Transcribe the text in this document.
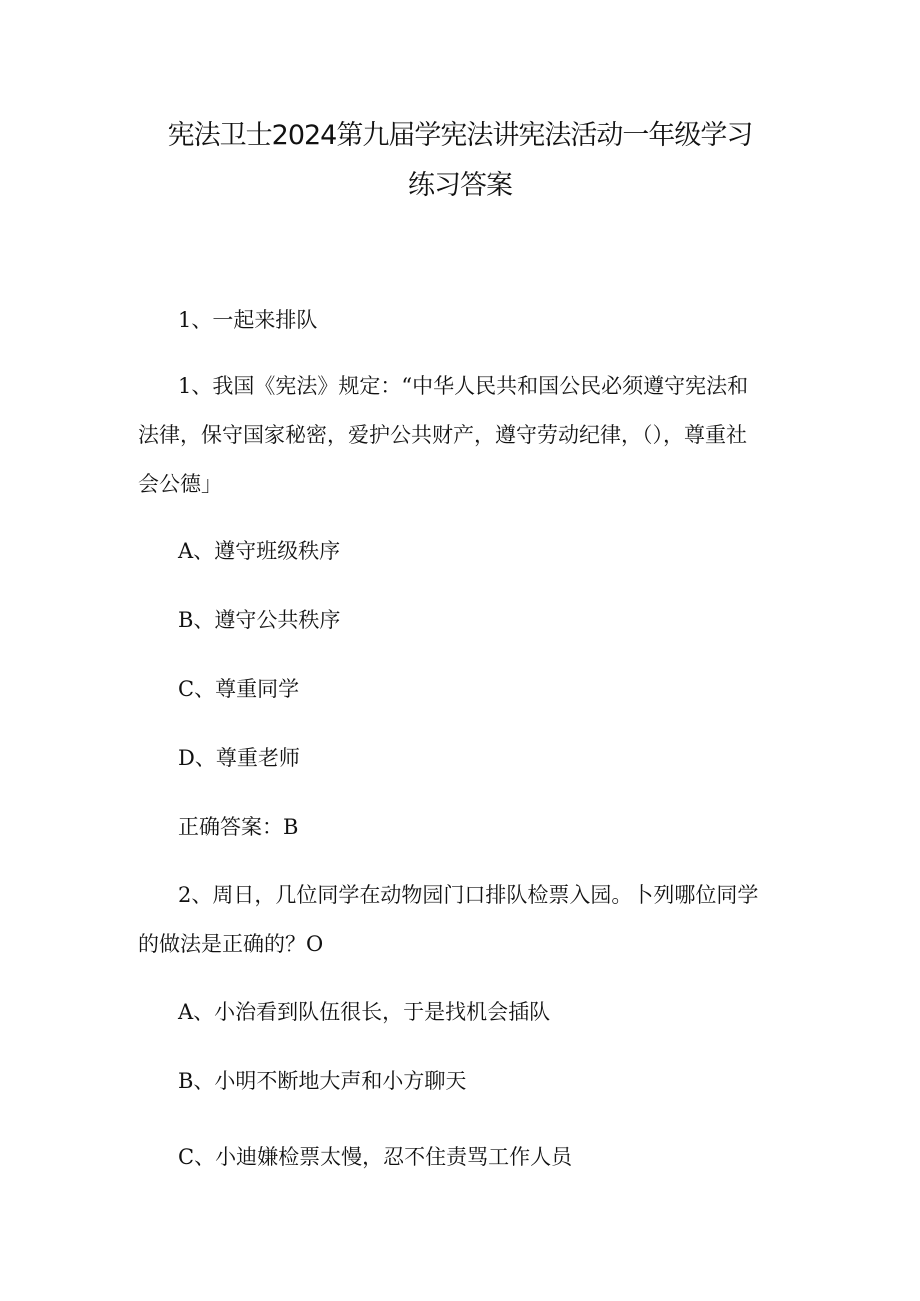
宪法卫士2024第九届学宪法讲宪法活动一年级学习
练习答案
1、一起来排队
1、我国《宪法》规定：“中华人民共和国公民必须遵守宪法和
法律，保守国家秘密，爱护公共财产，遵守劳动纪律，（），尊重社
会公德」
A、遵守班级秩序
B、遵守公共秩序
C、尊重同学
D、尊重老师
正确答案：B
2、周日，几位同学在动物园门口排队检票入园。卜列哪位同学
的做法是正确的？O
A、小治看到队伍很长，于是找机会插队
B、小明不断地大声和小方聊天
C、小迪嫌检票太慢，忍不住责骂工作人员
